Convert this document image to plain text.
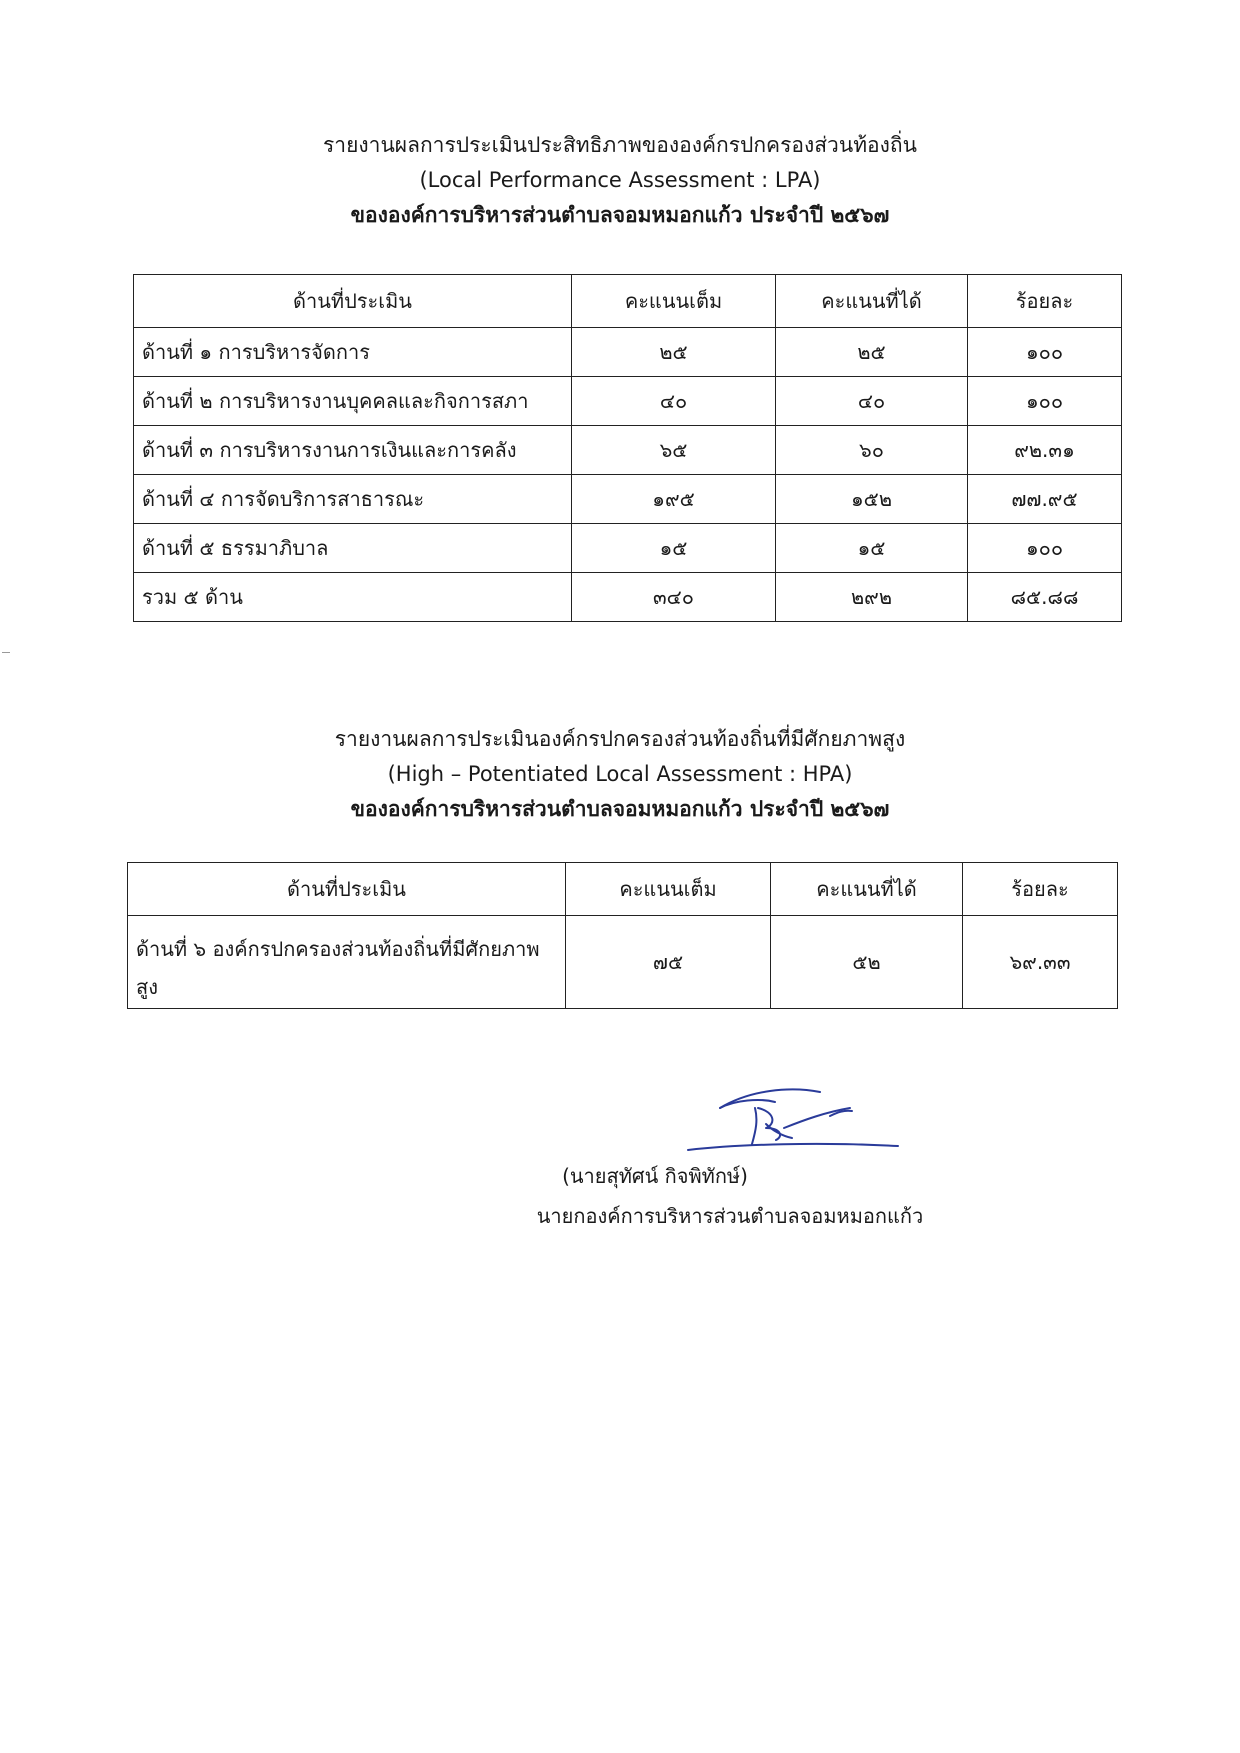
รายงานผลการประเมินประสิทธิภาพขององค์กรปกครองส่วนท้องถิ่น
(Local Performance Assessment : LPA)
ขององค์การบริหารส่วนตำบลจอมหมอกแก้ว ประจำปี ๒๕๖๗
ด้านที่ประเมิน	คะแนนเต็ม	คะแนนที่ได้	ร้อยละ
ด้านที่ ๑ การบริหารจัดการ	๒๕	๒๕	๑๐๐
ด้านที่ ๒ การบริหารงานบุคคลและกิจการสภา	๔๐	๔๐	๑๐๐
ด้านที่ ๓ การบริหารงานการเงินและการคลัง	๖๕	๖๐	๙๒.๓๑
ด้านที่ ๔ การจัดบริการสาธารณะ	๑๙๕	๑๕๒	๗๗.๙๕
ด้านที่ ๕ ธรรมาภิบาล	๑๕	๑๕	๑๐๐
รวม ๕ ด้าน	๓๔๐	๒๙๒	๘๕.๘๘
รายงานผลการประเมินองค์กรปกครองส่วนท้องถิ่นที่มีศักยภาพสูง
(High – Potentiated Local Assessment : HPA)
ขององค์การบริหารส่วนตำบลจอมหมอกแก้ว ประจำปี ๒๕๖๗
ด้านที่ประเมิน	คะแนนเต็ม	คะแนนที่ได้	ร้อยละ
ด้านที่ ๖ องค์กรปกครองส่วนท้องถิ่นที่มีศักยภาพสูง	๗๕	๕๒	๖๙.๓๓
(นายสุทัศน์ กิจพิทักษ์)
นายกองค์การบริหารส่วนตำบลจอมหมอกแก้ว
